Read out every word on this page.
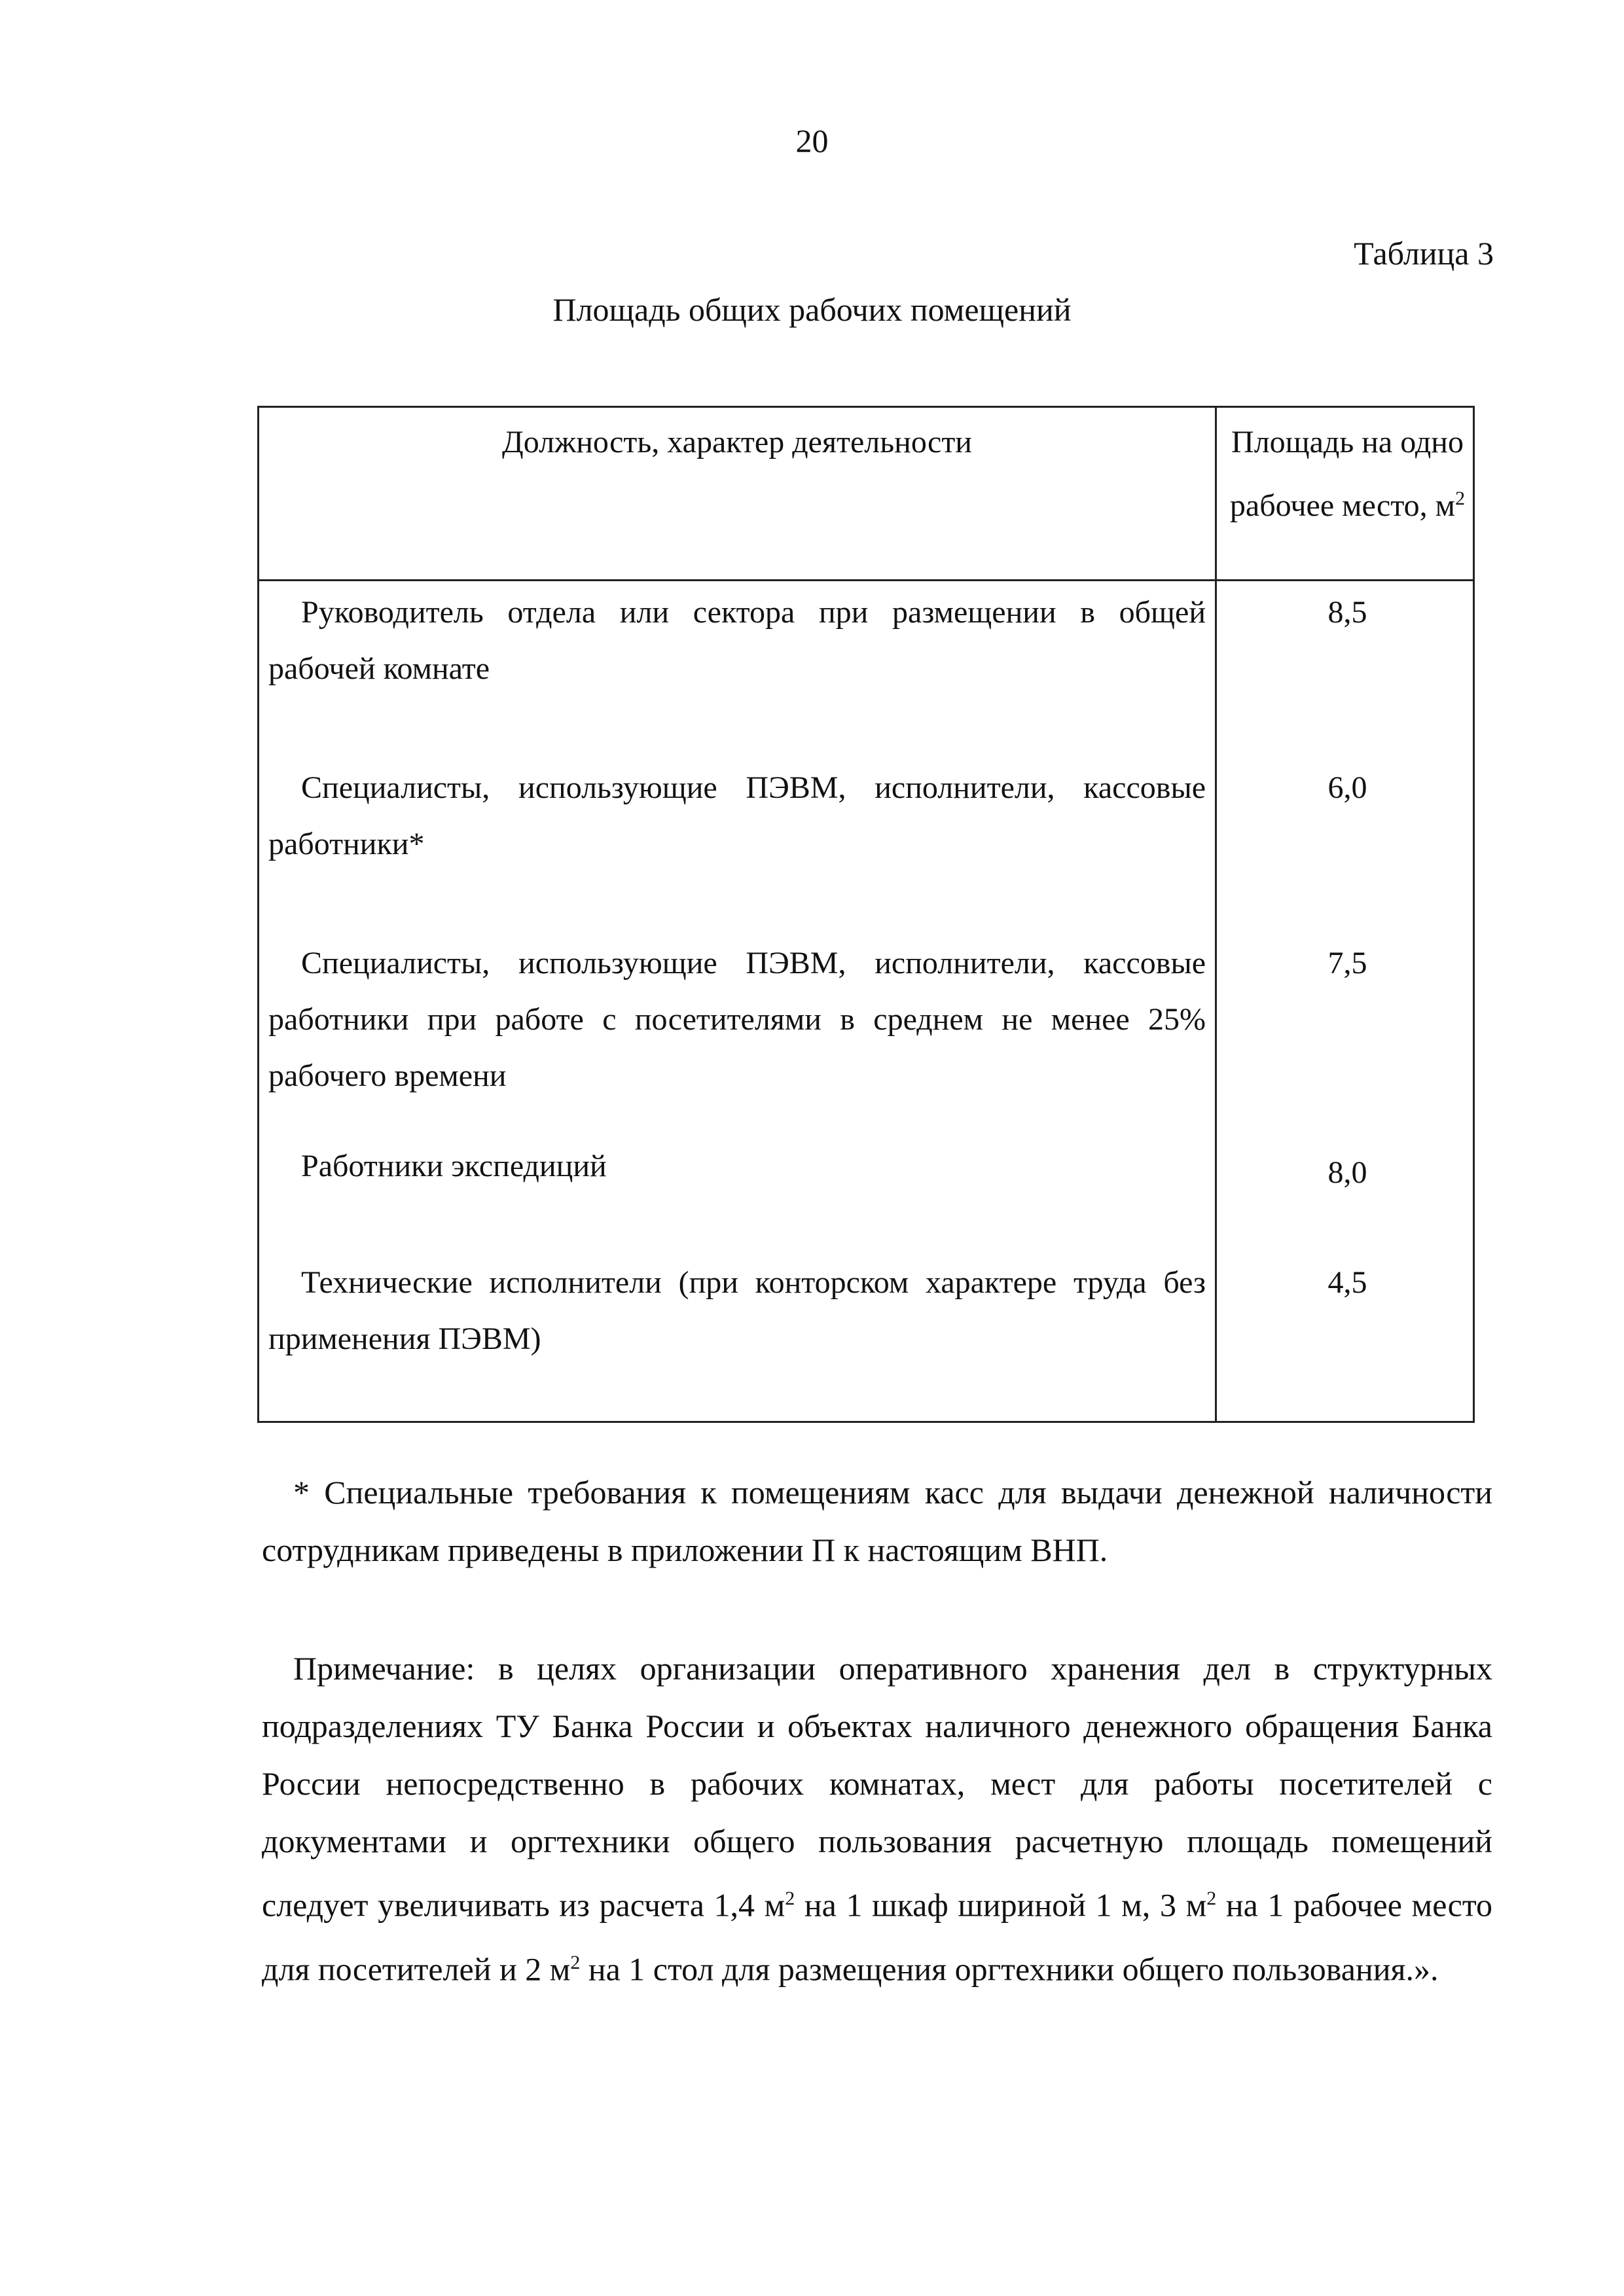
20
Таблица 3
Площадь общих рабочих помещений
Должность, характер деятельности	Площадь на одно
рабочее место, $м^2$
Руководитель отдела или сектора при размещении в общей рабочей комнате
8,5
Специалисты, использующие ПЭВМ, исполнители, кассовые работники*
6,0
Специалисты, использующие ПЭВМ, исполнители, кассовые работники при работе с посетителями в среднем не менее 25% рабочего времени
7,5
Работники экспедиций	8,0
Технические исполнители (при конторском характере труда без применения ПЭВМ)
4,5
* Специальные требования к помещениям касс для выдачи денежной наличности сотрудникам приведены в приложении П к настоящим ВНП.
Примечание: в целях организации оперативного хранения дел в структурных подразделениях ТУ Банка России и объектах наличного денежного обращения Банка России непосредственно в рабочих комнатах, мест для работы посетителей с документами и оргтехники общего пользования расчетную площадь помещений следует увеличивать из расчета 1,4 $м^2$ на 1 шкаф шириной 1 м, 3 $м^2$ на 1 рабочее место для посетителей и 2 $м^2$ на 1 стол для размещения оргтехники общего пользования.».
